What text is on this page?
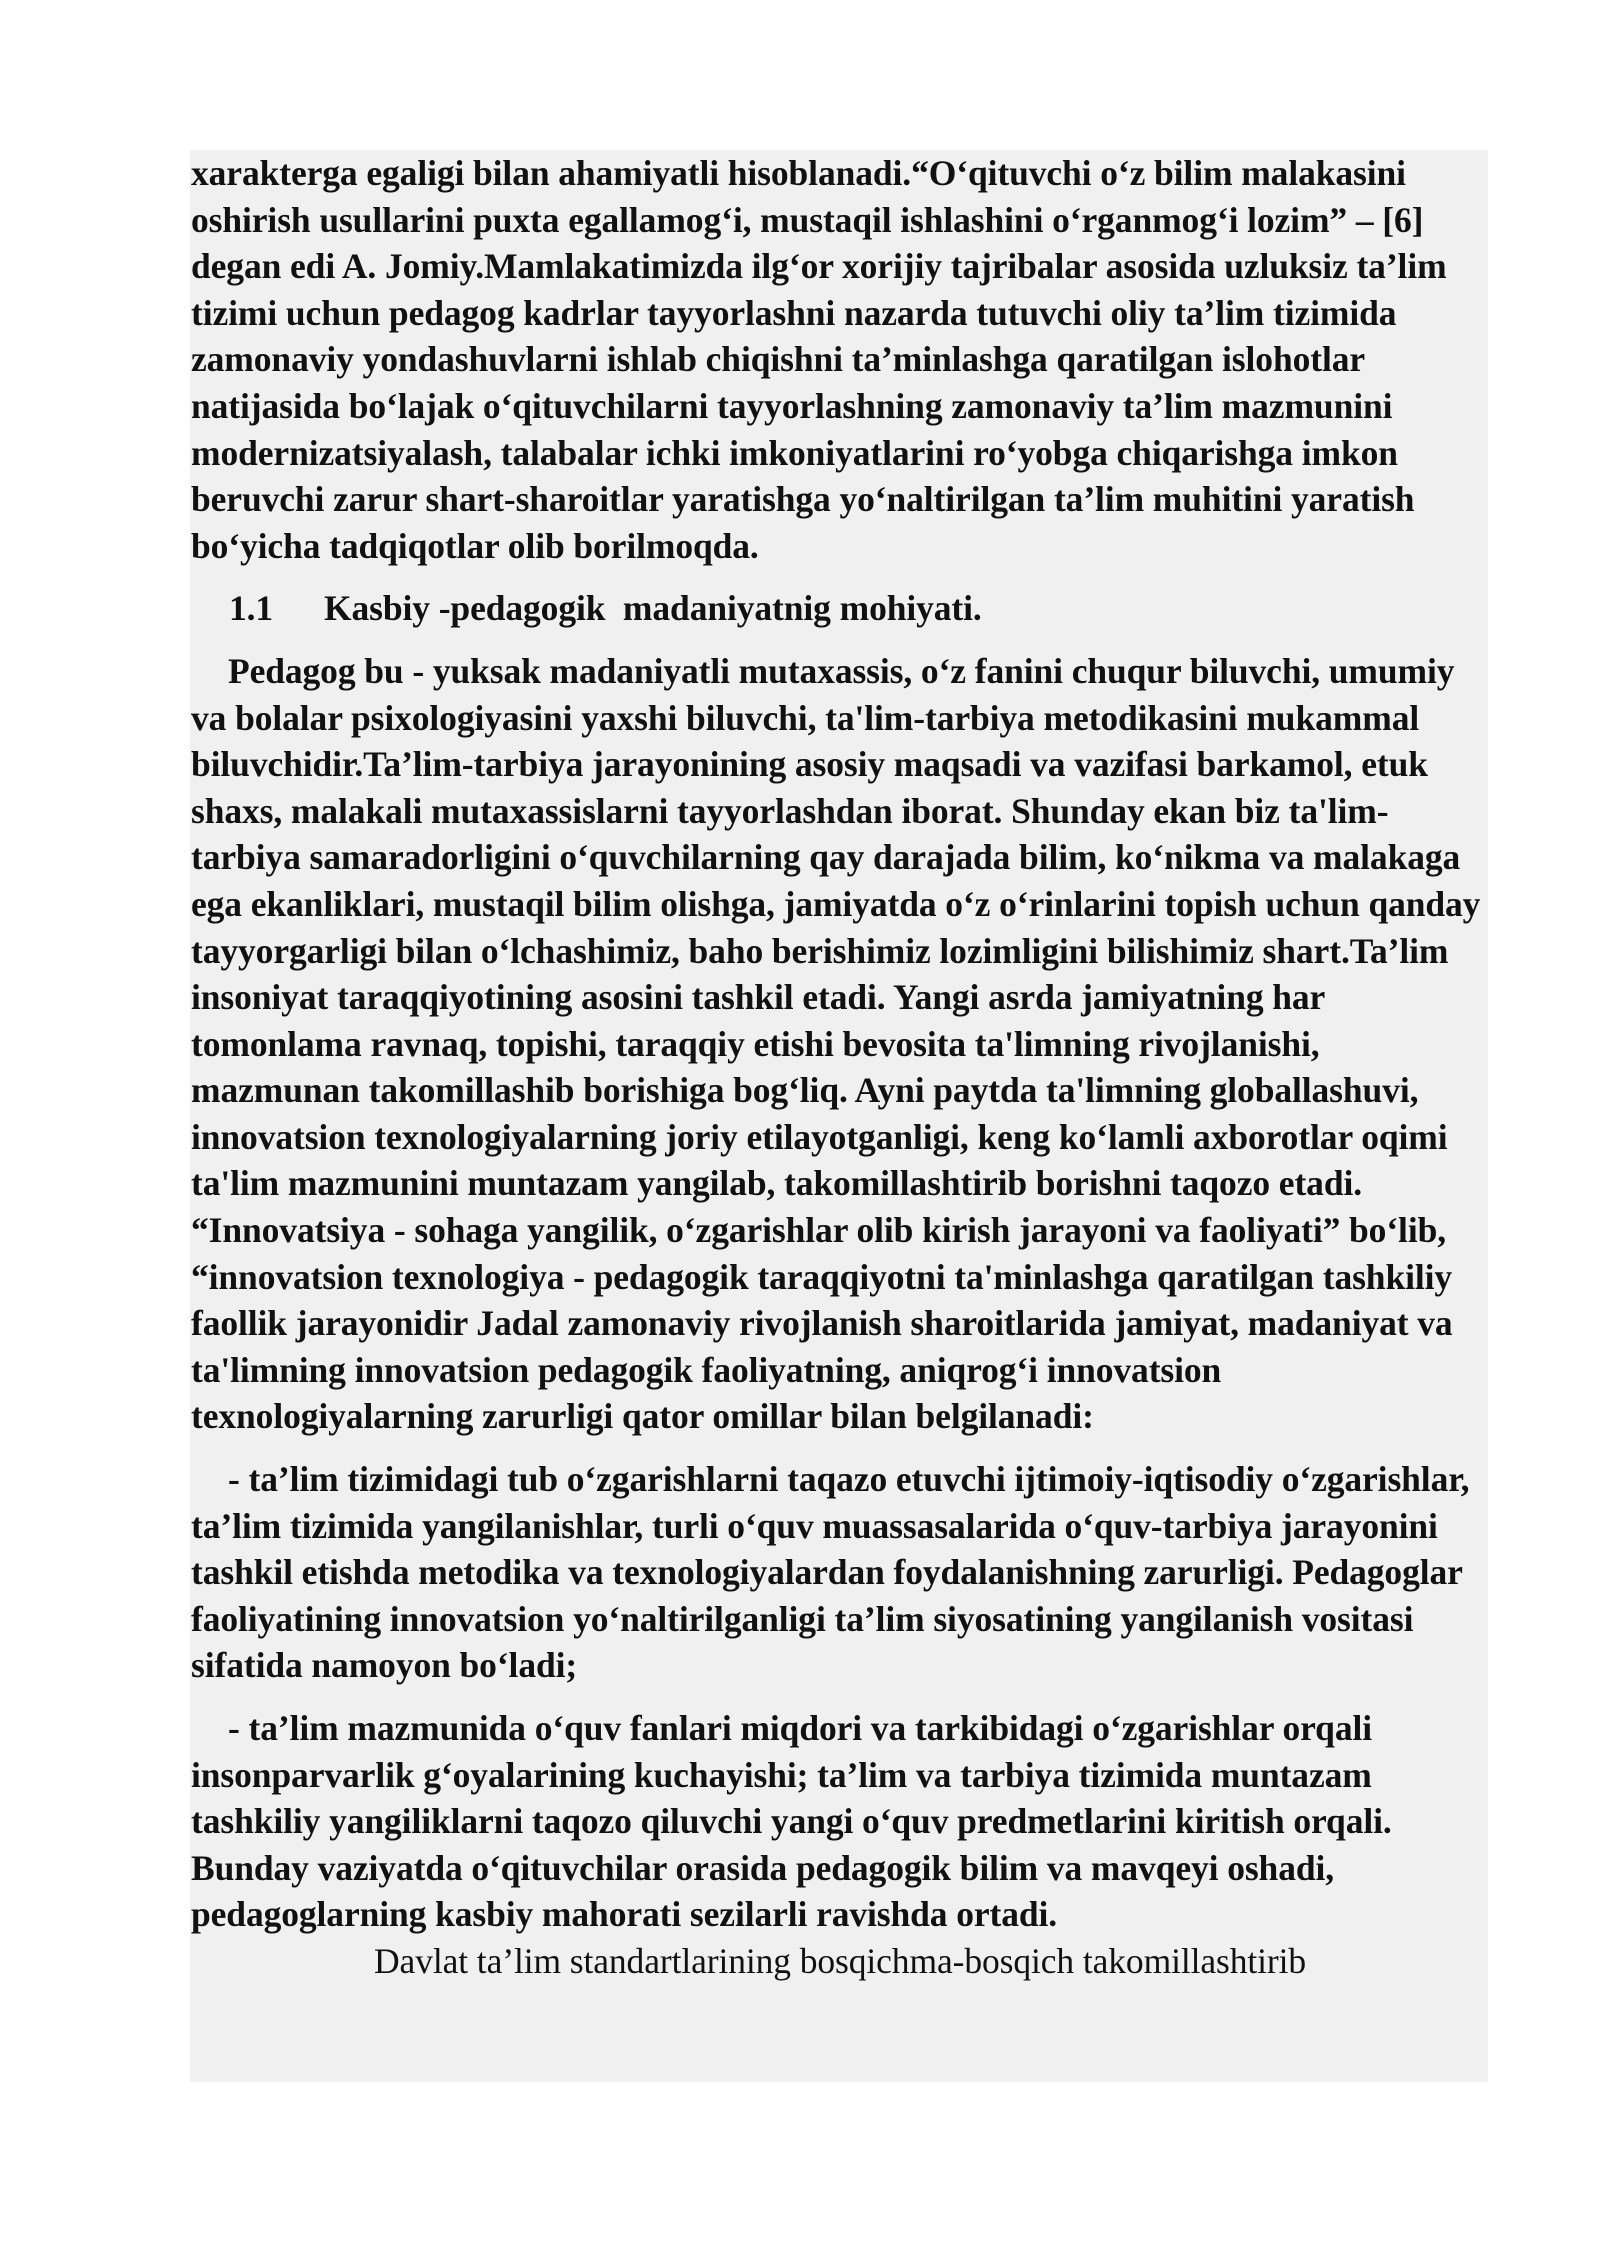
xarakterga egaligi bilan ahamiyatli hisoblanadi.“O‘qituvchi o‘z bilim malakasini oshirish usullarini puxta egallamog‘i, mustaqil ishlashini o‘rganmog‘i lozim” – [6] degan edi A. Jomiy.Mamlakatimizda ilg‘or xorijiy tajribalar asosida uzluksiz ta’lim tizimi uchun pedagog kadrlar tayyorlashni nazarda tutuvchi oliy ta’lim tizimida zamonaviy yondashuvlarni ishlab chiqishni ta’minlashga qaratilgan islohotlar natijasida bo‘lajak o‘qituvchilarni tayyorlashning zamonaviy ta’lim mazmunini modernizatsiyalash, talabalar ichki imkoniyatlarini ro‘yobga chiqarishga imkon beruvchi zarur shart-sharoitlar yaratishga yo‘naltirilgan ta’lim muhitini yaratish bo‘yicha tadqiqotlar olib borilmoqda.

1.1 Kasbiy -pedagogik  madaniyatnig mohiyati.

Pedagog bu - yuksak madaniyatli mutaxassis, o‘z fanini chuqur biluvchi, umumiy va bolalar psixologiyasini yaxshi biluvchi, ta'lim-tarbiya metodikasini mukammal biluvchidir.Ta’lim-tarbiya jarayonining asosiy maqsadi va vazifasi barkamol, etuk shaxs, malakali mutaxassislarni tayyorlashdan iborat. Shunday ekan biz ta'lim-tarbiya samaradorligini o‘quvchilarning qay darajada bilim, ko‘nikma va malakaga ega ekanliklari, mustaqil bilim olishga, jamiyatda o‘z o‘rinlarini topish uchun qanday tayyorgarligi bilan o‘lchashimiz, baho berishimiz lozimligini bilishimiz shart.Ta’lim insoniyat taraqqiyotining asosini tashkil etadi. Yangi asrda jamiyatning har tomonlama ravnaq, topishi, taraqqiy etishi bevosita ta'limning rivojlanishi, mazmunan takomillashib borishiga bog‘liq. Ayni paytda ta'limning globallashuvi, innovatsion texnologiyalarning joriy etilayotganligi, keng ko‘lamli axborotlar oqimi ta'lim mazmunini muntazam yangilab, takomillashtirib borishni taqozo etadi. “Innovatsiya - sohaga yangilik, o‘zgarishlar olib kirish jarayoni va faoliyati” bo‘lib, “innovatsion texnologiya - pedagogik taraqqiyotni ta'minlashga qaratilgan tashkiliy faollik jarayonidir Jadal zamonaviy rivojlanish sharoitlarida jamiyat, madaniyat va ta'limning innovatsion pedagogik faoliyatning, aniqrog‘i innovatsion texnologiyalarning zarurligi qator omillar bilan belgilanadi:

- ta’lim tizimidagi tub o‘zgarishlarni taqazo etuvchi ijtimoiy-iqtisodiy o‘zgarishlar, ta’lim tizimida yangilanishlar, turli o‘quv muassasalarida o‘quv-tarbiya jarayonini tashkil etishda metodika va texnologiyalardan foydalanishning zarurligi. Pedagoglar faoliyatining innovatsion yo‘naltirilganligi ta’lim siyosatining yangilanish vositasi sifatida namoyon bo‘ladi;

- ta’lim mazmunida o‘quv fanlari miqdori va tarkibidagi o‘zgarishlar orqali insonparvarlik g‘oyalarining kuchayishi; ta’lim va tarbiya tizimida muntazam tashkiliy yangiliklarni taqozo qiluvchi yangi o‘quv predmetlarini kiritish orqali. Bunday vaziyatda o‘qituvchilar orasida pedagogik bilim va mavqeyi oshadi, pedagoglarning kasbiy mahorati sezilarli ravishda ortadi.

Davlat ta’lim standartlarining bosqichma-bosqich takomillashtirib
